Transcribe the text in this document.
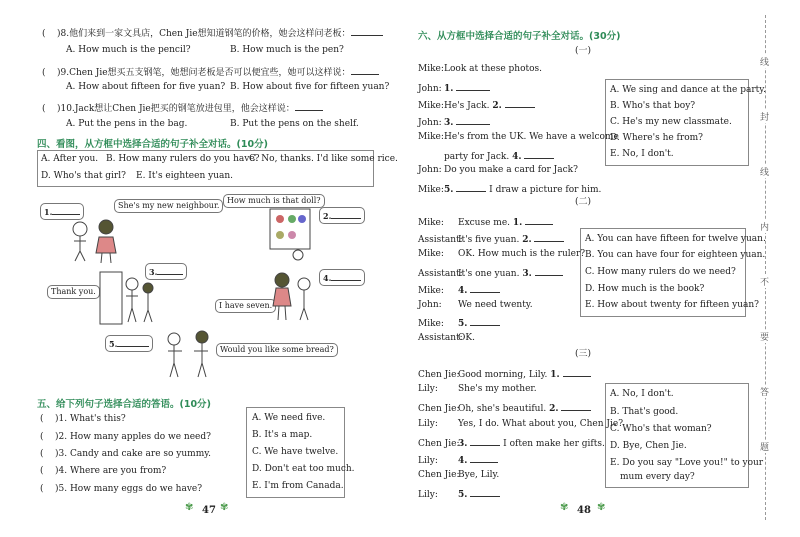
( )8.他们来到一家文具店，Chen Jie想知道钢笔的价格，她会这样问老板：
A. How much is the pencil?	B. How much is the pen?
( )9.Chen Jie想买五支钢笔，她想问老板是否可以便宜些，她可以这样说：
A. How about fifteen for five yuan? B. How about five for fifteen yuan?
( )10.Jack想让Chen Jie把买的钢笔放进包里，他会这样说：
A. Put the pens in the bag.	B. Put the pens on the shelf.
四、看图，从方框中选择合适的句子补全对话。(10分)
A. After you. B. How many rulers do you have?
C. No, thanks. I'd like some rice.
D. Who's that girl? E. It's eighteen yuan.
1.
She's my new neighbour.
How much is that doll?
2.
3.
Thank you.
4.
I have seven.
5.
Would you like some bread?
五、给下列句子选择合适的答语。(10分)
( )1. What's this?
( )2. How many apples do we need?
( )3. Candy and cake are so yummy.
( )4. Where are you from?
( )5. How many eggs do we have?
A. We need five.
B. It's a map.
C. We have twelve.
D. Don't eat too much.
E. I'm from Canada.
47
✾	✾
六、从方框中选择合适的句子补全对话。(30分)
(一)
A. We sing and dance at the party.
B. Who's that boy?
C. He's my new classmate.
D. Where's he from?
E. No, I don't.
(二)
A. You can have fifteen for twelve yuan.
B. You can have four for eighteen yuan.
C. How many rulers do we need?
D. How much is the book?
E. How about twenty for fifteen yuan?
(三)
A. No, I don't.
B. That's good.
C. Who's that woman?
D. Bye, Chen Jie.
E. Do you say "Love you!" to your
mum every day?
Mike:Look at these photos.
John: 1.
Mike:He's Jack. 2.
John: 3.
Mike:He's from the UK. We have a welcome
party for Jack. 4.
John: Do you make a card for Jack?
Mike:5.	I draw a picture for him.
Mike: Excuse me. 1.
Assistant:It's five yuan. 2.
Mike: OK. How much is the ruler?
Assistant:It's one yuan. 3.
Mike: 4.
John: We need twenty.
Mike: 5.
Assistant:OK.
Chen Jie:Good morning, Lily. 1.
Lily: She's my mother.
Chen Jie:Oh, she's beautiful. 2.
Lily: Yes, I do. What about you, Chen Jie?
Chen Jie:3.	I often make her gifts.
Lily: 4.
Chen Jie:Bye, Lily.
Lily: 5.
48
✾	✾
线
封
线
内
不
要
答
题
